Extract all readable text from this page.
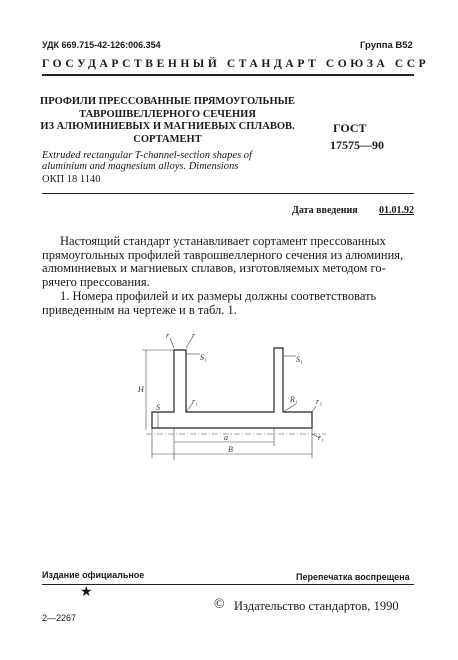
УДК 669.715-42-126:006.354	Группа В52
ГОСУДАРСТВЕННЫЙ СТАНДАРТ СОЮЗА ССР
ПРОФИЛИ ПРЕССОВАННЫЕ ПРЯМОУГОЛЬНЫЕ
ТАВРОШВЕЛЛЕРНОГО СЕЧЕНИЯ
ИЗ АЛЮМИНИЕВЫХ И МАГНИЕВЫХ СПЛАВОВ.
СОРТАМЕНТ
Extruded rectangular T-channel-section shapes of
aluminium and magnesium alloys. Dimensions
ОКП 18 1140
ГОСТ
17575—90
Дата введения 01.01.92
Настоящий стандарт устанавливает сортамент прессованных
прямоугольных профилей таврошвеллерного сечения из алюминия,
алюминиевых и магниевых сплавов, изготовляемых методом го-
рячего прессования.
1. Номера профилей и их размеры должны соответствовать
приведенным на чертеже и в табл. 1.
r	r
S₁	S₁
H
S
r₁	R₁ r₂
r₁
a
B
Издание официальное	Перепечатка воспрещена
★
2—2267
© Издательство стандартов, 1990
